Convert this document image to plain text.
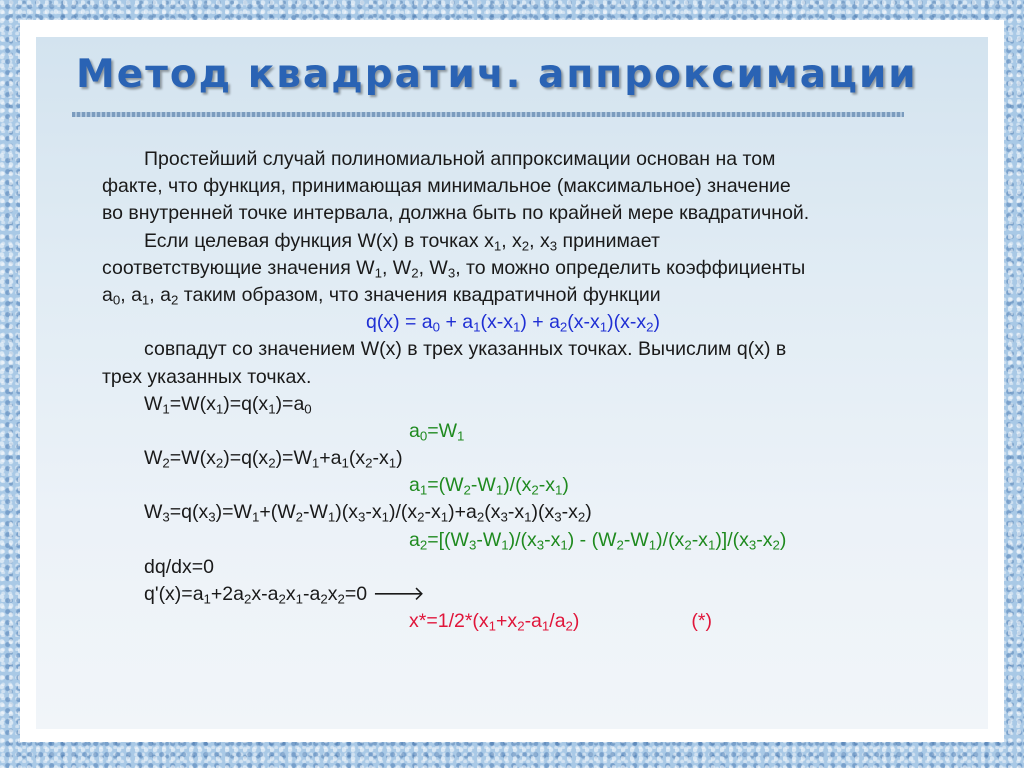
Метод квадратич. аппроксимации
Простейший случай полиномиальной аппроксимации основан на том
факте, что функция, принимающая минимальное (максимальное) значение
во внутренней точке интервала, должна быть по крайней мере квадратичной.
Если целевая функция W(x) в точках $x_1$, $x_2$, $x_3$ принимает
соответствующие значения $W_1$, $W_2$, $W_3$, то можно определить коэффициенты
$a_0$, $a_1$, $a_2$ таким образом, что значения квадратичной функции
$q(x) = a_0 + a_1(x-x_1) + a_2(x-x_1)(x-x_2)$
совпадут со значением W(x) в трех указанных точках. Вычислим q(x) в
трех указанных точках.
$W_1=W(x_1)=q(x_1)=a_0$
$a_0=W_1$
$W_2=W(x_2)=q(x_2)=W_1+a_1(x_2-x_1)$
$a_1=(W_2-W_1)/(x_2-x_1)$
$W_3=q(x_3)=W_1+(W_2-W_1)(x_3-x_1)/(x_2-x_1)+a_2(x_3-x_1)(x_3-x_2)$
$a_2=[(W_3-W_1)/(x_3-x_1) - (W_2-W_1)/(x_2-x_1)]/(x_3-x_2)$
dq/dx=0
$q'(x)=a_1+2a_2x-a_2x_1-a_2x_2=0$ 🡒
$x*=1/2*(x_1+x_2-a_1/a_2)$	(*)
